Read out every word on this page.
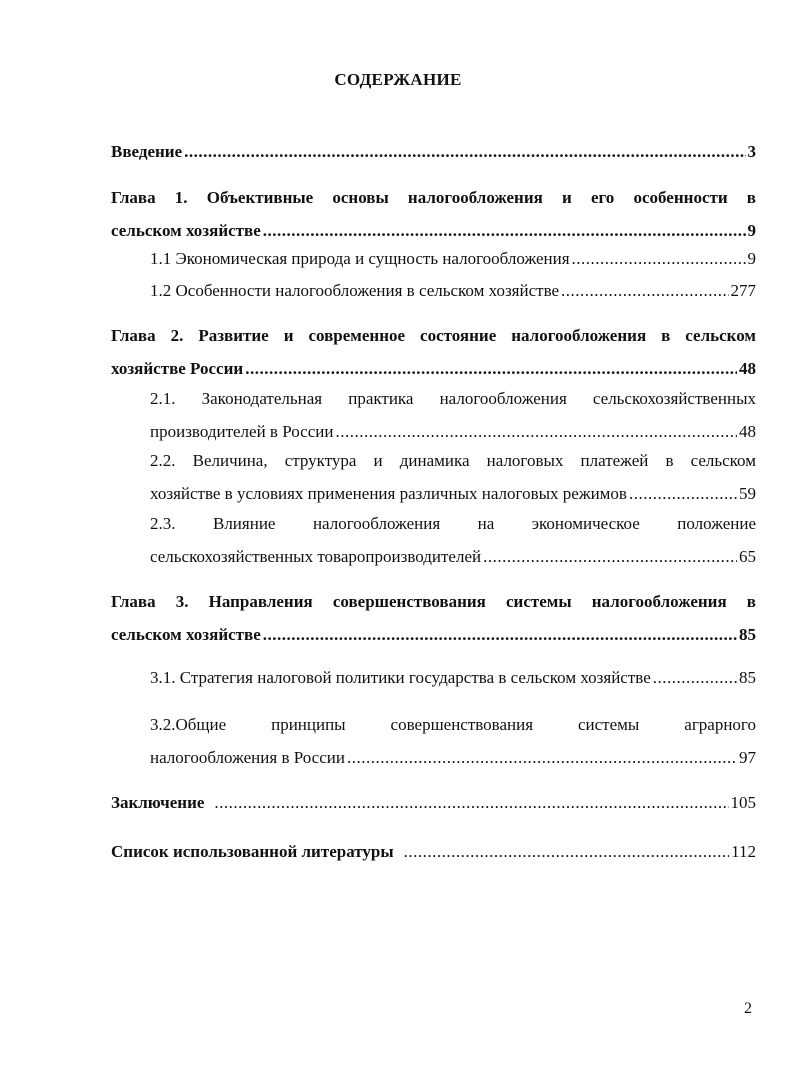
СОДЕРЖАНИЕ
Введение .....	3
Глава 1. Объективные основы налогообложения и его особенности в
сельском хозяйстве .....	9
1.1 Экономическая природа и сущность налогообложения .....	9
1.2 Особенности налогообложения в сельском хозяйстве .....	277
Глава 2. Развитие и современное состояние налогообложения в сельском
хозяйстве России .....	48
2.1. Законодательная практика налогообложения сельскохозяйственных
производителей в России .....	48
2.2. Величина, структура и динамика налоговых платежей в сельском
хозяйстве в условиях применения различных налоговых режимов .....	59
2.3. Влияние налогообложения на экономическое положение
сельскохозяйственных товаропроизводителей .....	65
Глава 3. Направления совершенствования системы налогообложения в
сельском хозяйстве .....	85
3.1. Стратегия налоговой политики государства в сельском хозяйстве .....	85
3.2.Общие принципы совершенствования системы аграрного
налогообложения в России .....	97
Заключение .....	105
Список использованной литературы .....	112
2
